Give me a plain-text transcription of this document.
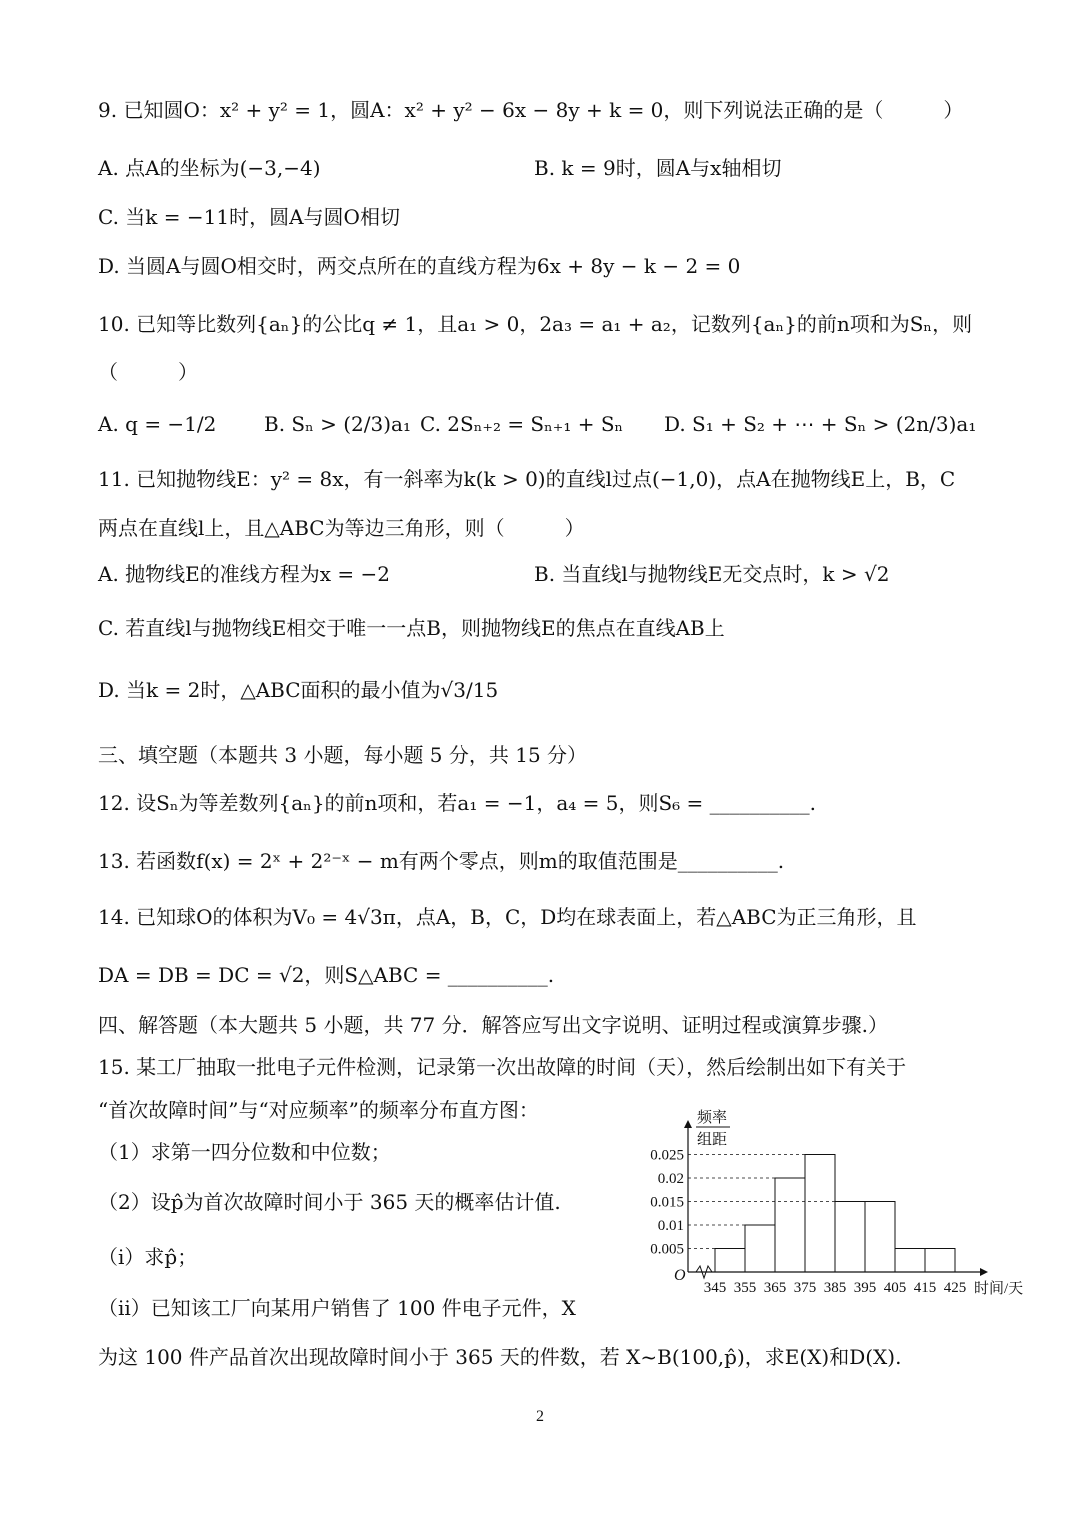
9. 已知圆O：x² + y² = 1，圆A：x² + y² − 6x − 8y + k = 0，则下列说法正确的是（　　　）
A. 点A的坐标为(−3,−4)	B. k = 9时，圆A与x轴相切
C. 当k = −11时，圆A与圆O相切
D. 当圆A与圆O相交时，两交点所在的直线方程为6x + 8y − k − 2 = 0
10. 已知等比数列{aₙ}的公比q ≠ 1，且a₁ > 0，2a₃ = a₁ + a₂，记数列{aₙ}的前n项和为Sₙ，则
（　　　）
A. q = −1/2 B. Sₙ > (2/3)a₁ C. 2Sₙ₊₂ = Sₙ₊₁ + Sₙ D. S₁ + S₂ + ⋯ + Sₙ > (2n/3)a₁
11. 已知抛物线E：y² = 8x，有一斜率为k(k > 0)的直线l过点(−1,0)，点A在抛物线E上，B，C
两点在直线l上，且△ABC为等边三角形，则（　　　）
A. 抛物线E的准线方程为x = −2	B. 当直线l与抛物线E无交点时，k > √2
C. 若直线l与抛物线E相交于唯一一点B，则抛物线E的焦点在直线AB上
D. 当k = 2时，△ABC面积的最小值为√3/15
三、填空题（本题共 3 小题，每小题 5 分，共 15 分）
12. 设Sₙ为等差数列{aₙ}的前n项和，若a₁ = −1，a₄ = 5，则S₆ = __________.
13. 若函数f(x) = 2ˣ + 2²⁻ˣ − m有两个零点，则m的取值范围是__________.
14. 已知球O的体积为V₀ = 4√3π，点A，B，C，D均在球表面上，若△ABC为正三角形，且
DA = DB = DC = √2，则S△ABC = __________.
四、解答题（本大题共 5 小题，共 77 分．解答应写出文字说明、证明过程或演算步骤.）
15. 某工厂抽取一批电子元件检测，记录第一次出故障的时间（天），然后绘制出如下有关于
“首次故障时间”与“对应频率”的频率分布直方图：
（1）求第一四分位数和中位数；
（2）设p̂为首次故障时间小于 365 天的概率估计值.
（ⅰ）求p̂；
（ⅱ）已知该工厂向某用户销售了 100 件电子元件，X
为这 100 件产品首次出现故障时间小于 365 天的件数，若 X~B(100,p̂)，求E(X)和D(X).
0.025
0.02
0.015
0.01
0.005
345 355 365 375 385 395 405 415 425 时间/天
O
频率
组距
2
